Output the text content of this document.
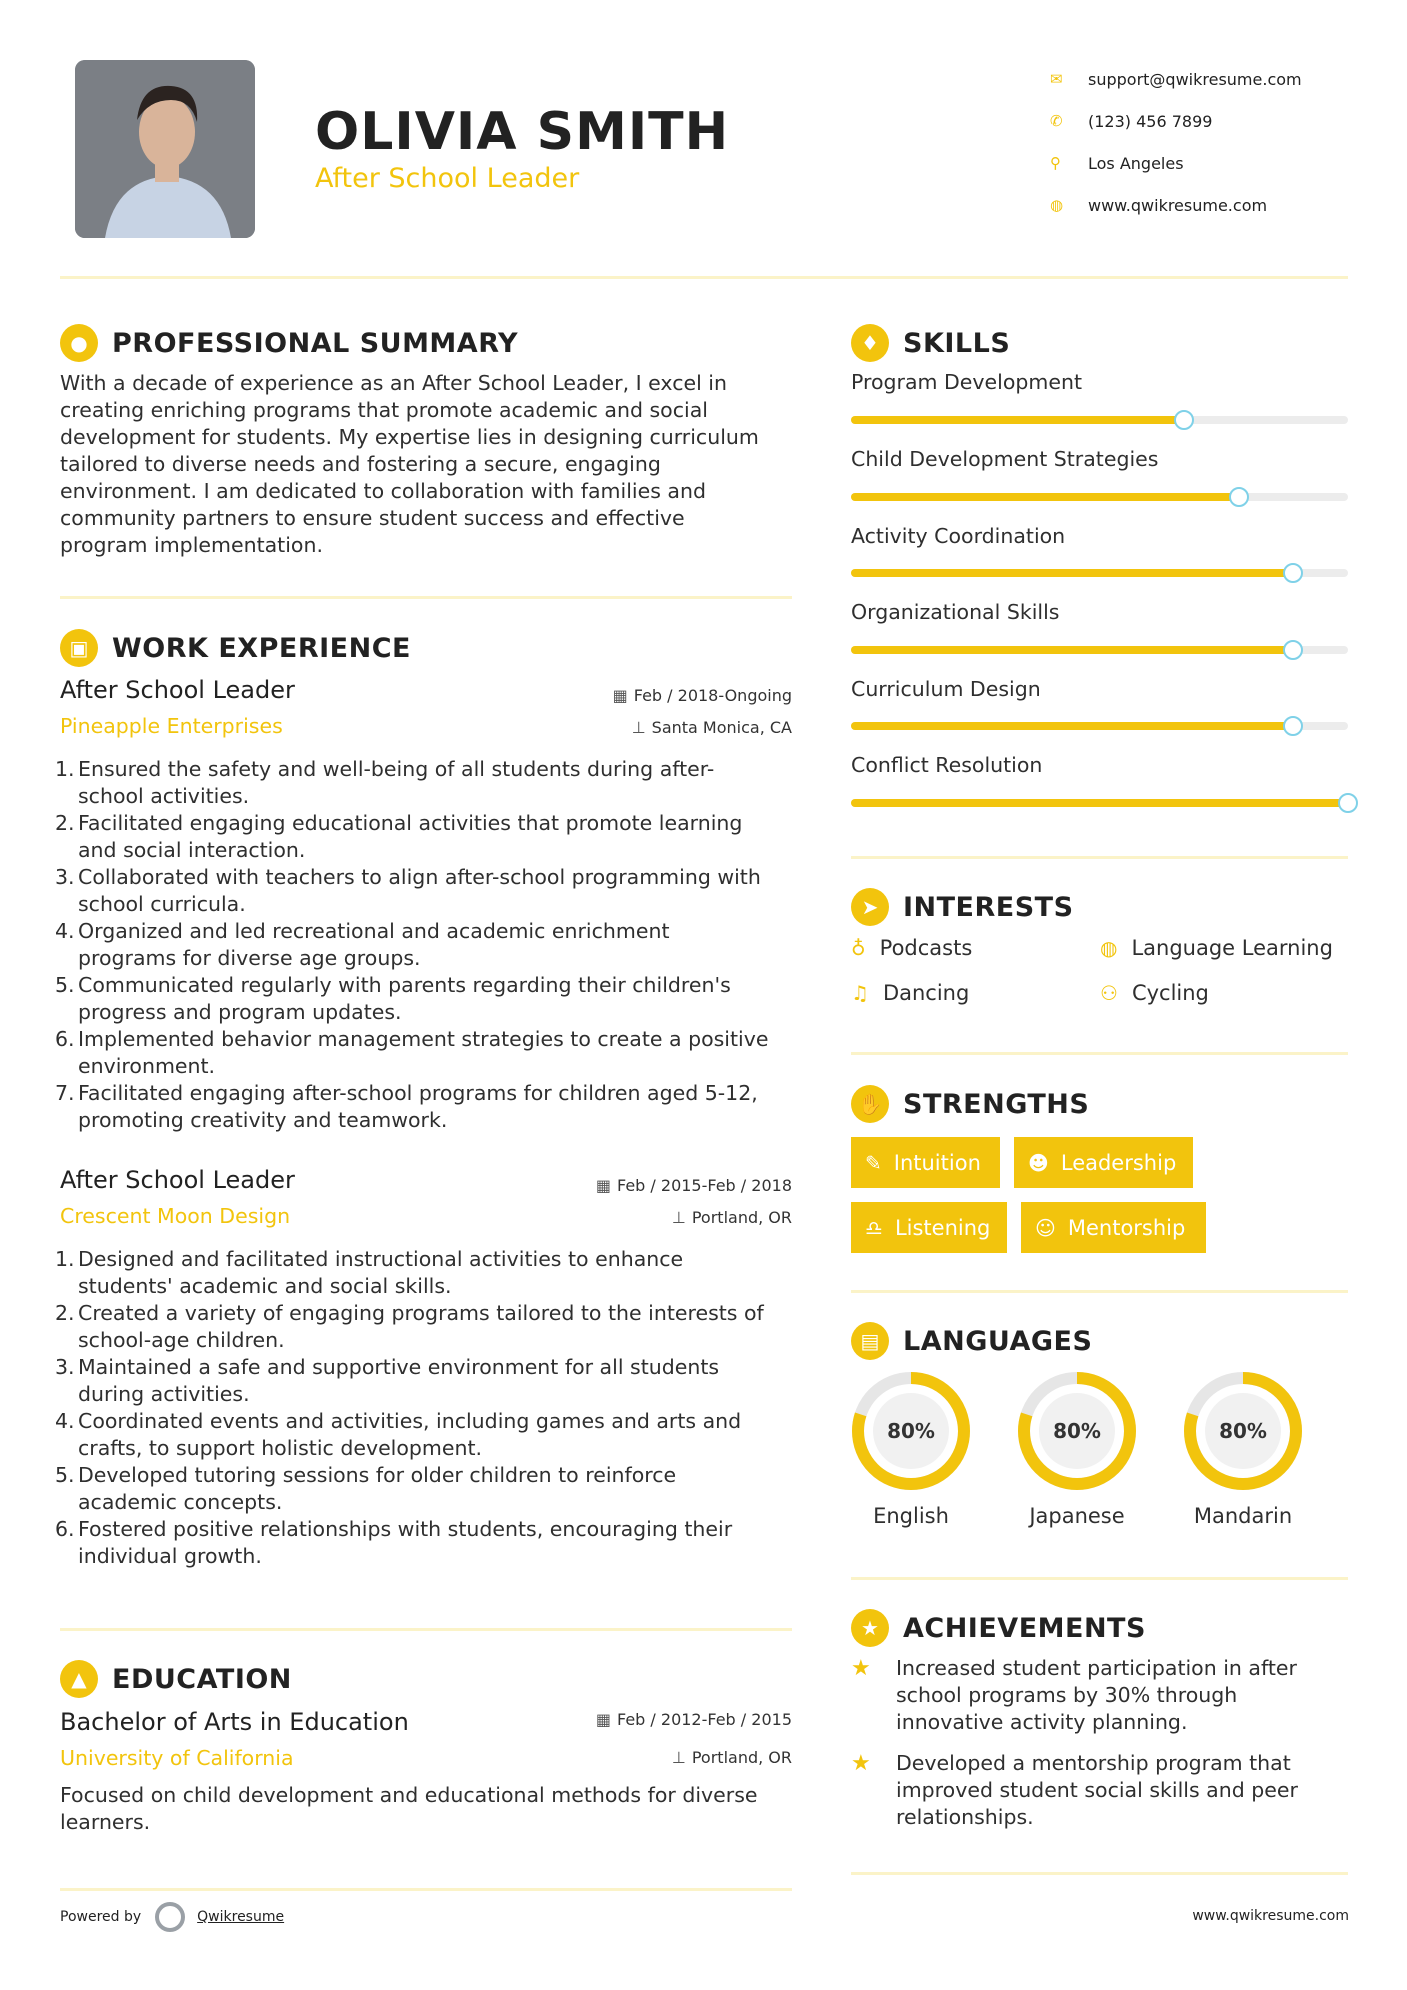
OLIVIA SMITH
After School Leader
✉	support@qwikresume.com
✆	(123) 456 7899
⚲	Los Angeles
◍	www.qwikresume.com
● PROFESSIONAL SUMMARY
With a decade of experience as an After School Leader, I excel in
creating enriching programs that promote academic and social
development for students. My expertise lies in designing curriculum
tailored to diverse needs and fostering a secure, engaging
environment. I am dedicated to collaboration with families and
community partners to ensure student success and effective
program implementation.
▣ WORK EXPERIENCE
After School Leader
Pineapple Enterprises
▦ Feb / 2018-Ongoing
⊥ Santa Monica, CA
1. Ensured the safety and well-being of all students during after-
school activities.
2. Facilitated engaging educational activities that promote learning
and social interaction.
3. Collaborated with teachers to align after-school programming with
school curricula.
4. Organized and led recreational and academic enrichment
programs for diverse age groups.
5. Communicated regularly with parents regarding their children's
progress and program updates.
6. Implemented behavior management strategies to create a positive
environment.
7. Facilitated engaging after-school programs for children aged 5-12,
promoting creativity and teamwork.
After School Leader
Crescent Moon Design
▦ Feb / 2015-Feb / 2018
⊥ Portland, OR
1. Designed and facilitated instructional activities to enhance
students' academic and social skills.
2. Created a variety of engaging programs tailored to the interests of
school-age children.
3. Maintained a safe and supportive environment for all students
during activities.
4. Coordinated events and activities, including games and arts and
crafts, to support holistic development.
5. Developed tutoring sessions for older children to reinforce
academic concepts.
6. Fostered positive relationships with students, encouraging their
individual growth.
▲ EDUCATION
Bachelor of Arts in Education
University of California
▦ Feb / 2012-Feb / 2015
⊥ Portland, OR
Focused on child development and educational methods for diverse
learners.
♦ SKILLS
Program Development
Child Development Strategies
Activity Coordination
Organizational Skills
Curriculum Design
Conflict Resolution
➤ INTERESTS
♁ Podcasts	◍ Language Learning
♫ Dancing	⚇ Cycling
✋ STRENGTHS
✎ Intuition ☻ Leadership
♎ Listening ☺ Mentorship
▤ LANGUAGES
80%
English
80%
Japanese
80%
Mandarin
★ ACHIEVEMENTS
★	Increased student participation in after
school programs by 30% through
innovative activity planning.
★	Developed a mentorship program that
improved student social skills and peer
relationships.
Powered by	Qwikresume	www.qwikresume.com
